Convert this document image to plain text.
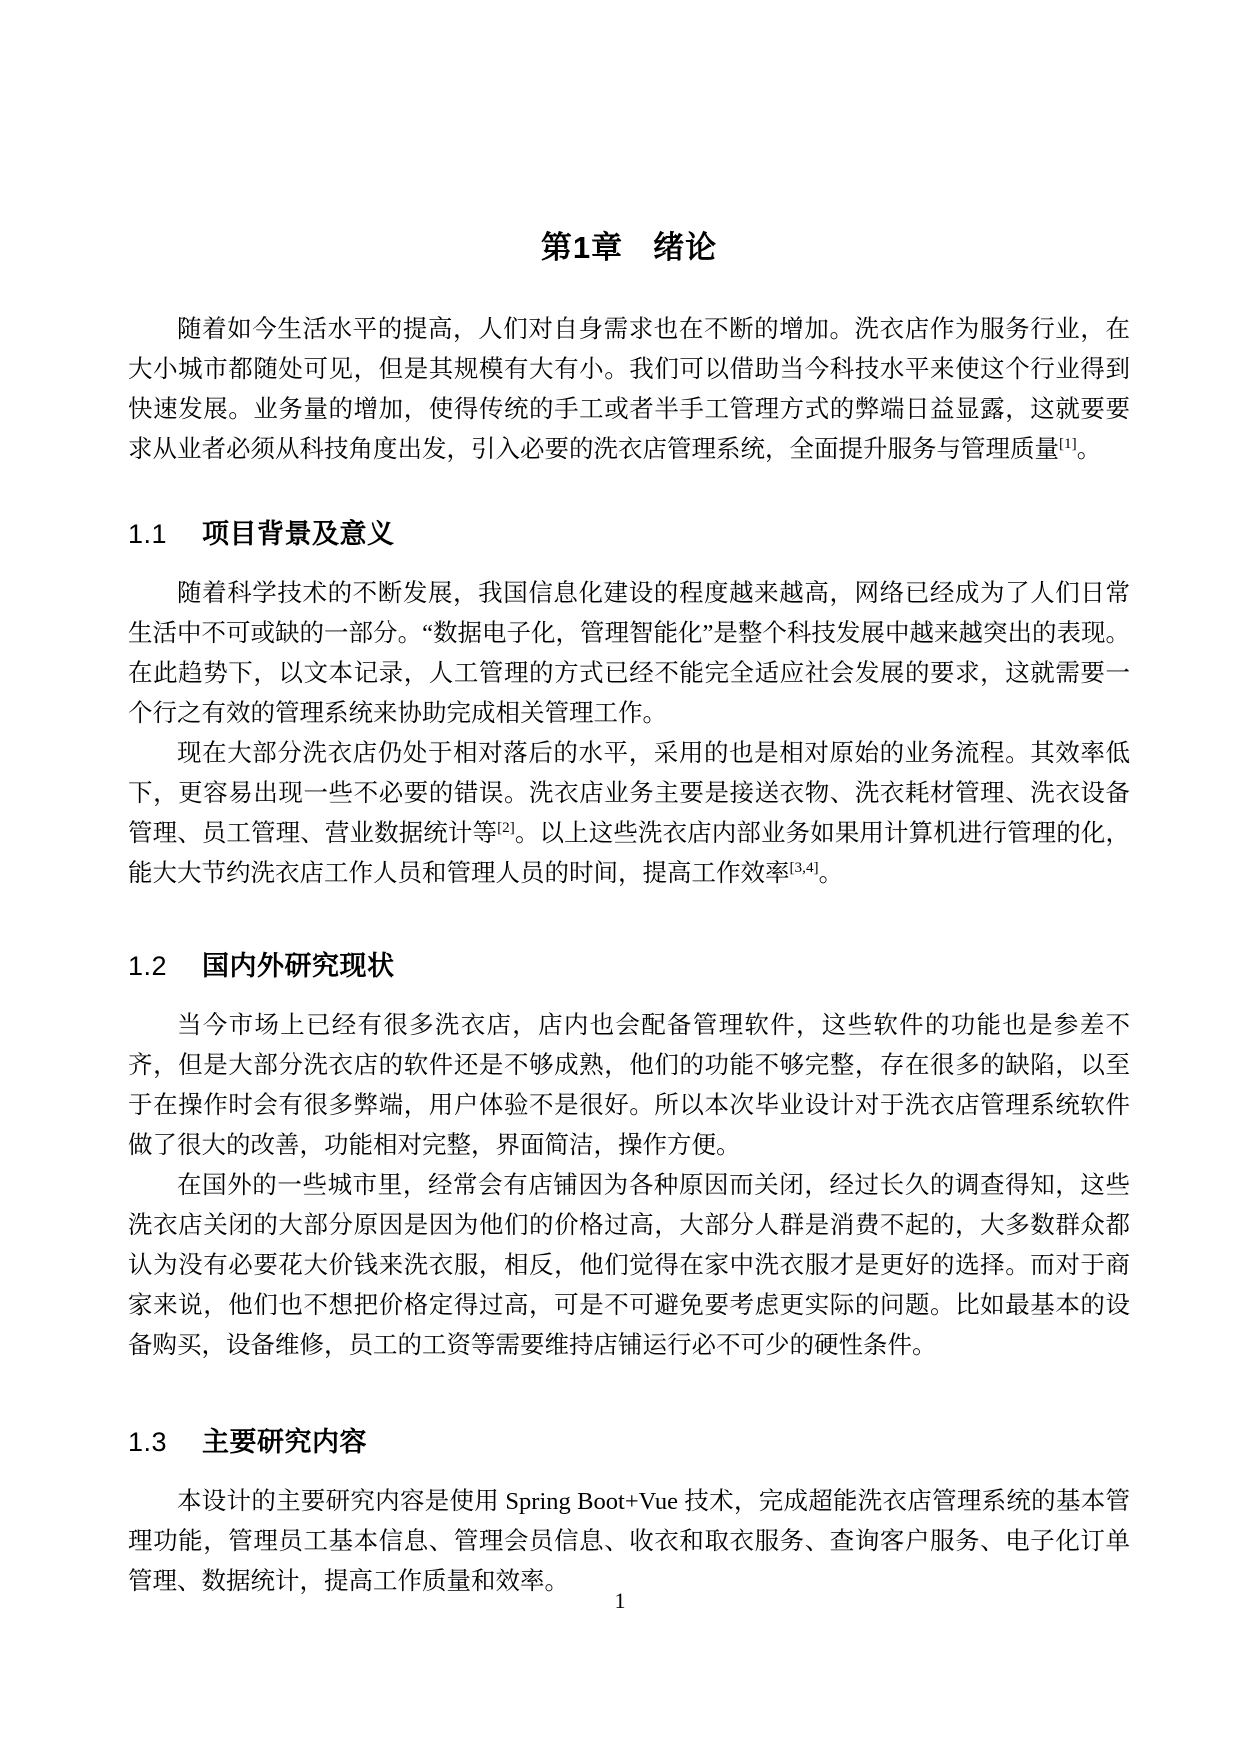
第1章 绪论

随着如今生活水平的提高，人们对自身需求也在不断的增加。洗衣店作为服务行业，在大小城市都随处可见，但是其规模有大有小。我们可以借助当今科技水平来使这个行业得到快速发展。业务量的增加，使得传统的手工或者半手工管理方式的弊端日益显露，这就要要求从业者必须从科技角度出发，引入必要的洗衣店管理系统，全面提升服务与管理质量[1]。

1.1 项目背景及意义

随着科学技术的不断发展，我国信息化建设的程度越来越高，网络已经成为了人们日常生活中不可或缺的一部分。“数据电子化，管理智能化”是整个科技发展中越来越突出的表现。在此趋势下，以文本记录，人工管理的方式已经不能完全适应社会发展的要求，这就需要一个行之有效的管理系统来协助完成相关管理工作。

现在大部分洗衣店仍处于相对落后的水平，采用的也是相对原始的业务流程。其效率低下，更容易出现一些不必要的错误。洗衣店业务主要是接送衣物、洗衣耗材管理、洗衣设备管理、员工管理、营业数据统计等[2]。以上这些洗衣店内部业务如果用计算机进行管理的化，能大大节约洗衣店工作人员和管理人员的时间，提高工作效率[3,4]。

1.2 国内外研究现状

当今市场上已经有很多洗衣店，店内也会配备管理软件，这些软件的功能也是参差不齐，但是大部分洗衣店的软件还是不够成熟，他们的功能不够完整，存在很多的缺陷，以至于在操作时会有很多弊端，用户体验不是很好。所以本次毕业设计对于洗衣店管理系统软件做了很大的改善，功能相对完整，界面简洁，操作方便。

在国外的一些城市里，经常会有店铺因为各种原因而关闭，经过长久的调查得知，这些洗衣店关闭的大部分原因是因为他们的价格过高，大部分人群是消费不起的，大多数群众都认为没有必要花大价钱来洗衣服，相反，他们觉得在家中洗衣服才是更好的选择。而对于商家来说，他们也不想把价格定得过高，可是不可避免要考虑更实际的问题。比如最基本的设备购买，设备维修，员工的工资等需要维持店铺运行必不可少的硬性条件。

1.3 主要研究内容

本设计的主要研究内容是使用 Spring Boot+Vue 技术，完成超能洗衣店管理系统的基本管理功能，管理员工基本信息、管理会员信息、收衣和取衣服务、查询客户服务、电子化订单管理、数据统计，提高工作质量和效率。

1
